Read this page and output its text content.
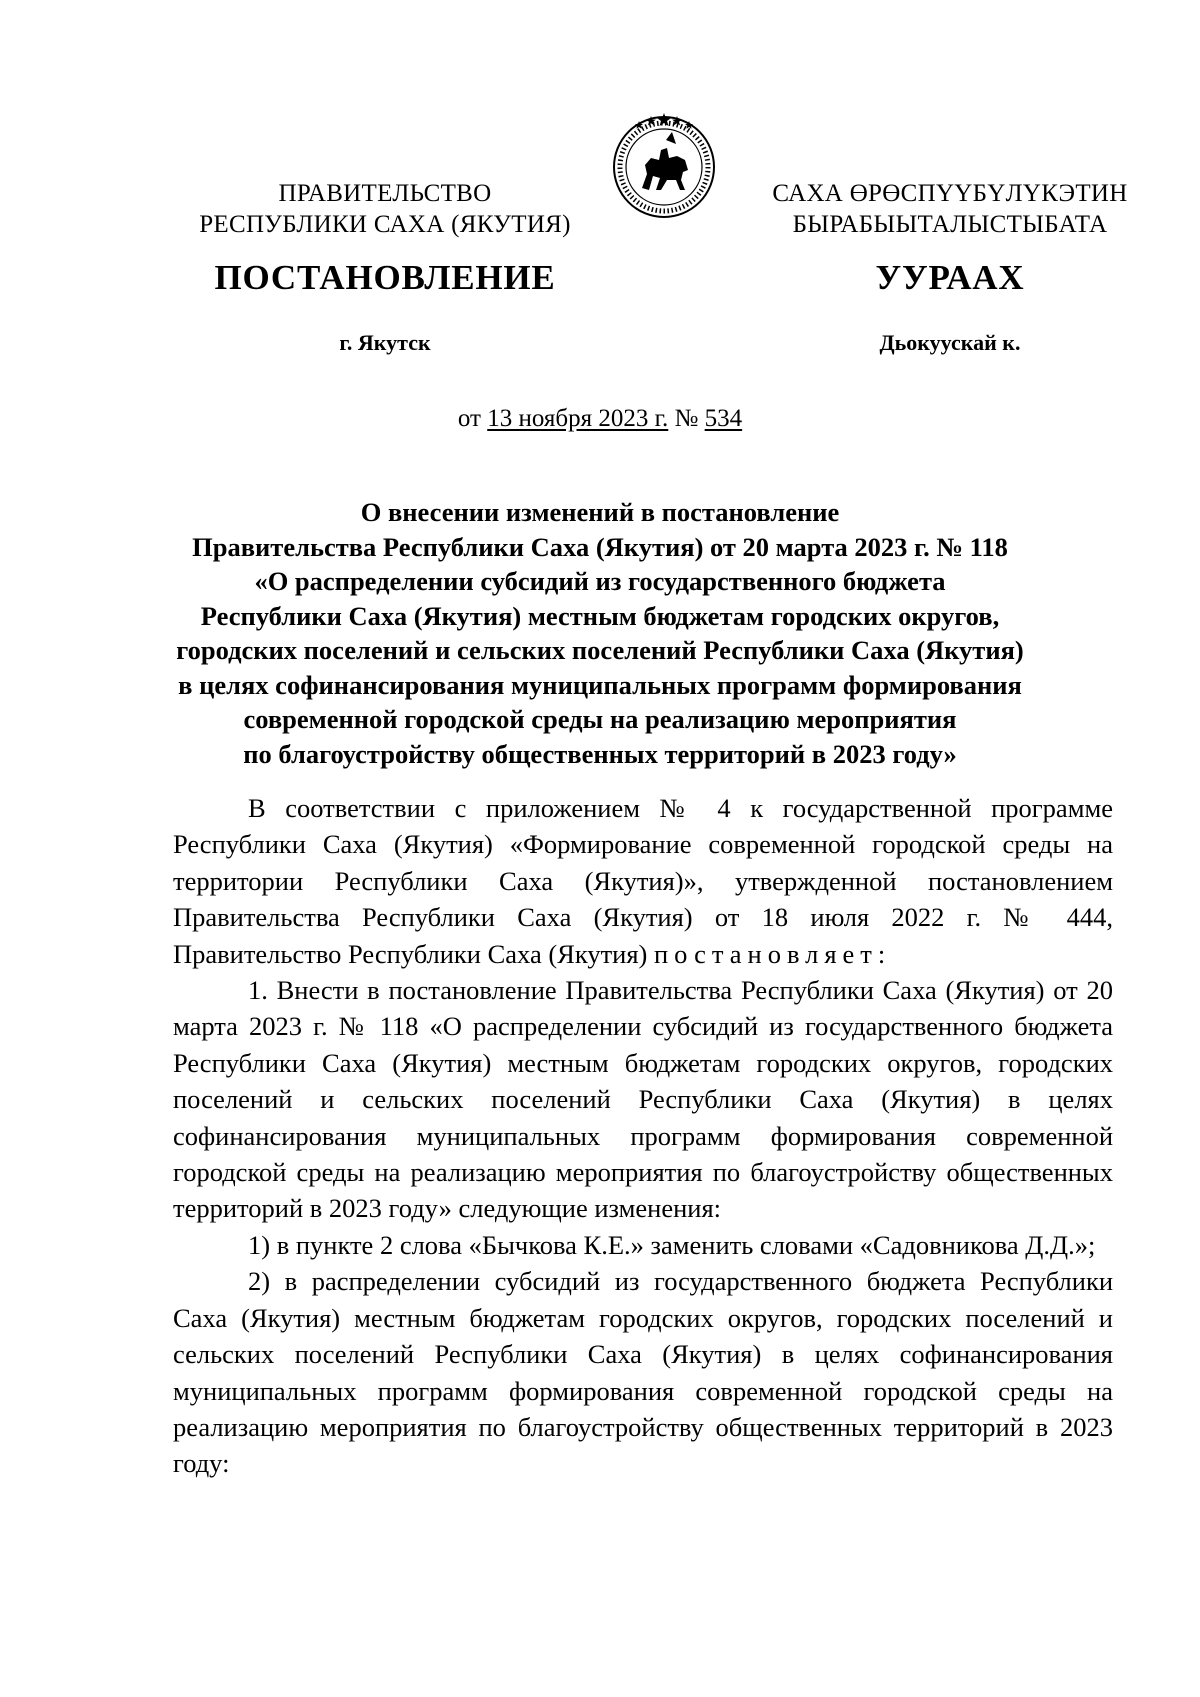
ПРАВИТЕЛЬСТВО
РЕСПУБЛИКИ САХА (ЯКУТИЯ)
САХА ӨРӨСПҮҮБҮЛҮКЭТИН
БЫРАБЫЫТАЛЫСТЫБАТА
ПОСТАНОВЛЕНИЕ	УУРААХ
г. Якутск	Дьокуускай к.
от 13 ноября 2023 г. № 534
О внесении изменений в постановление
Правительства Республики Саха (Якутия) от 20 марта 2023 г. № 118
«О распределении субсидий из государственного бюджета
Республики Саха (Якутия) местным бюджетам городских округов,
городских поселений и сельских поселений Республики Саха (Якутия)
в целях софинансирования муниципальных программ формирования
современной городской среды на реализацию мероприятия
по благоустройству общественных территорий в 2023 году»

В соответствии с приложением № 4 к государственной программе Республики Саха (Якутия) «Формирование современной городской среды на территории Республики Саха (Якутия)», утвержденной постановлением Правительства Республики Саха (Якутия) от 18 июля 2022 г. № 444, Правительство Республики Саха (Якутия) постановляет:

1. Внести в постановление Правительства Республики Саха (Якутия) от 20 марта 2023 г. № 118 «О распределении субсидий из государственного бюджета Республики Саха (Якутия) местным бюджетам городских округов, городских поселений и сельских поселений Республики Саха (Якутия) в целях софинансирования муниципальных программ формирования современной городской среды на реализацию мероприятия по благоустройству общественных территорий в 2023 году» следующие изменения:

1) в пункте 2 слова «Бычкова К.Е.» заменить словами «Садовникова Д.Д.»;

2) в распределении субсидий из государственного бюджета Республики Саха (Якутия) местным бюджетам городских округов, городских поселений и сельских поселений Республики Саха (Якутия) в целях софинансирования муниципальных программ формирования современной городской среды на реализацию мероприятия по благоустройству общественных территорий в 2023 году:
